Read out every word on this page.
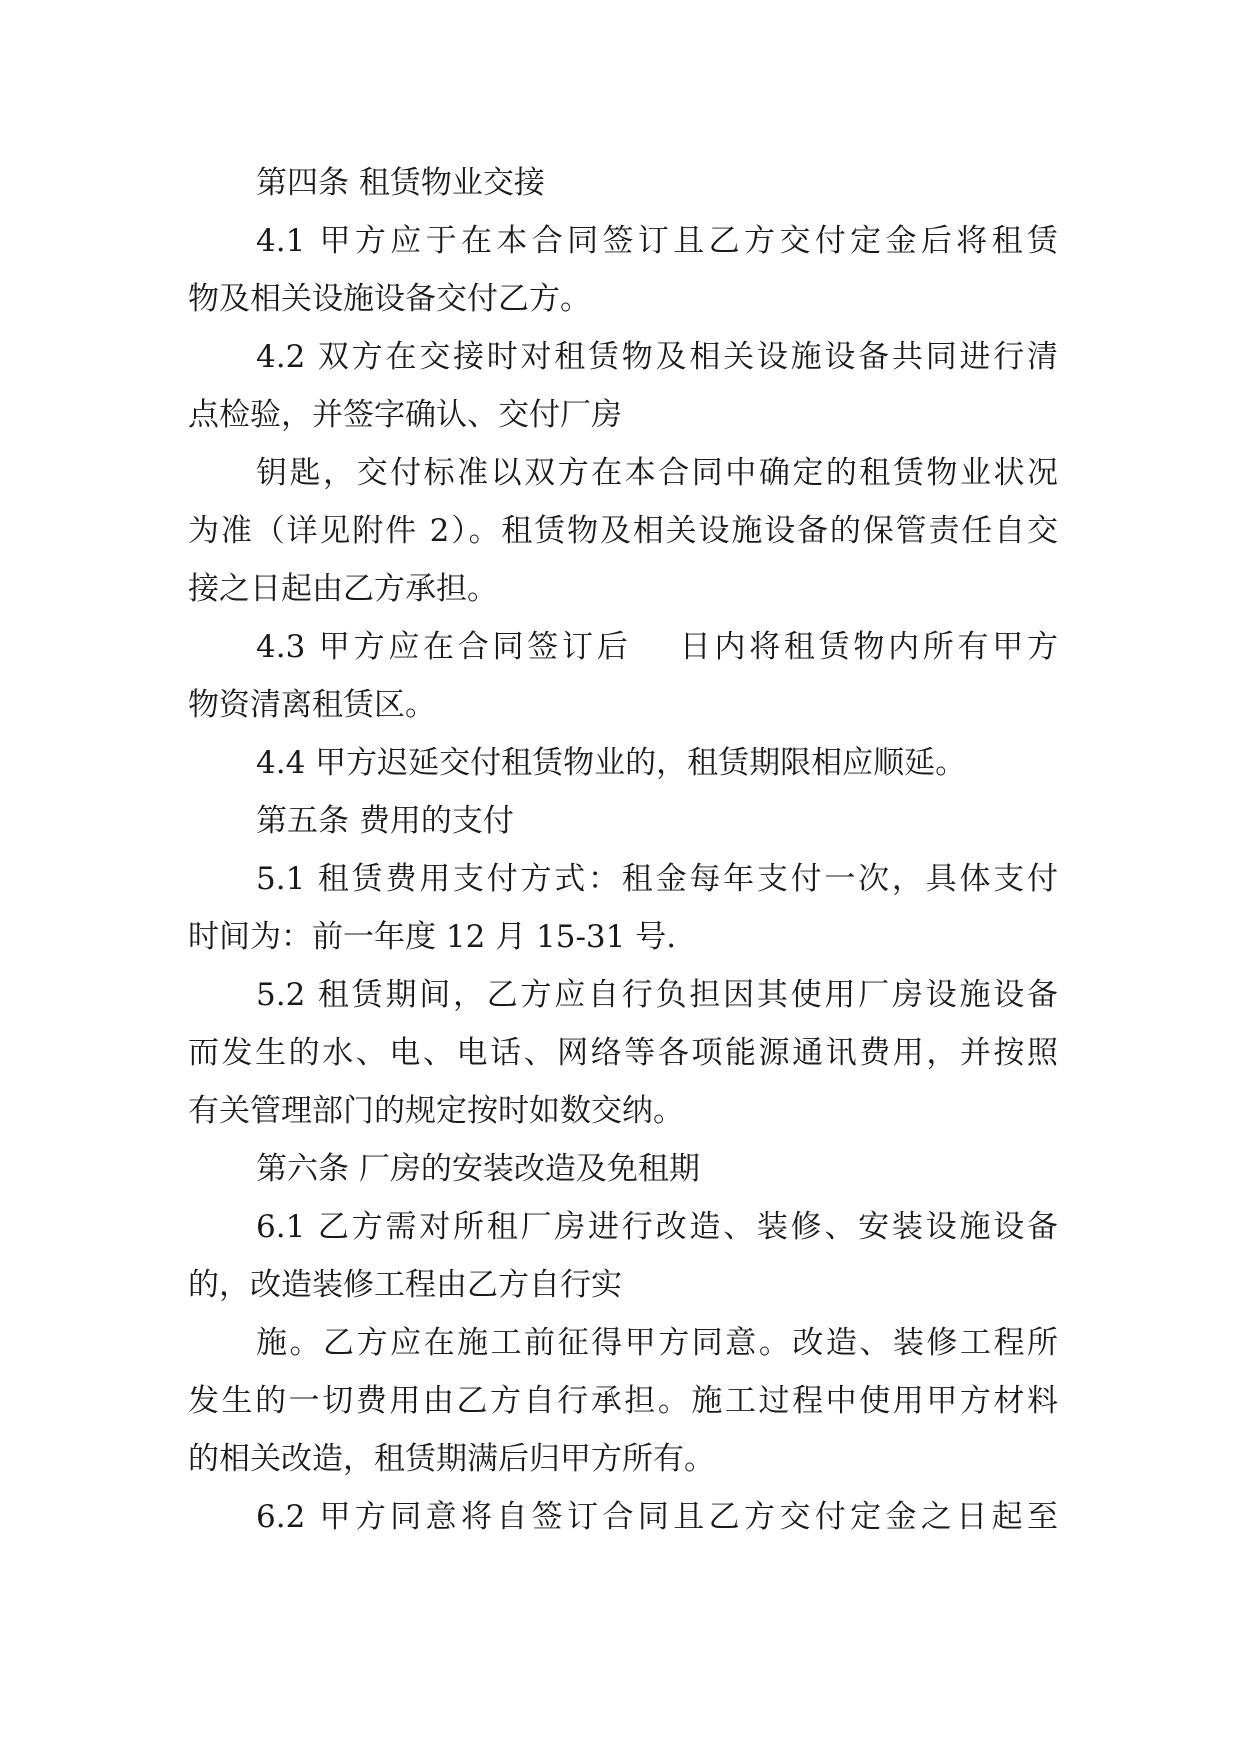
第四条 租赁物业交接
4.1 甲方应于在本合同签订且乙方交付定金后将租赁
物及相关设施设备交付乙方。
4.2 双方在交接时对租赁物及相关设施设备共同进行清
点检验，并签字确认、交付厂房
钥匙，交付标准以双方在本合同中确定的租赁物业状况
为准（详见附件 2）。租赁物及相关设施设备的保管责任自交
接之日起由乙方承担。
4.3 甲方应在合同签订后　 日内将租赁物内所有甲方
物资清离租赁区。
4.4 甲方迟延交付租赁物业的，租赁期限相应顺延。
第五条 费用的支付
5.1 租赁费用支付方式：租金每年支付一次，具体支付
时间为：前一年度 12 月 15-31 号.
5.2 租赁期间，乙方应自行负担因其使用厂房设施设备
而发生的水、电、电话、网络等各项能源通讯费用，并按照
有关管理部门的规定按时如数交纳。
第六条 厂房的安装改造及免租期
6.1 乙方需对所租厂房进行改造、装修、安装设施设备
的，改造装修工程由乙方自行实
施。乙方应在施工前征得甲方同意。改造、装修工程所
发生的一切费用由乙方自行承担。施工过程中使用甲方材料
的相关改造，租赁期满后归甲方所有。
6.2 甲方同意将自签订合同且乙方交付定金之日起至
